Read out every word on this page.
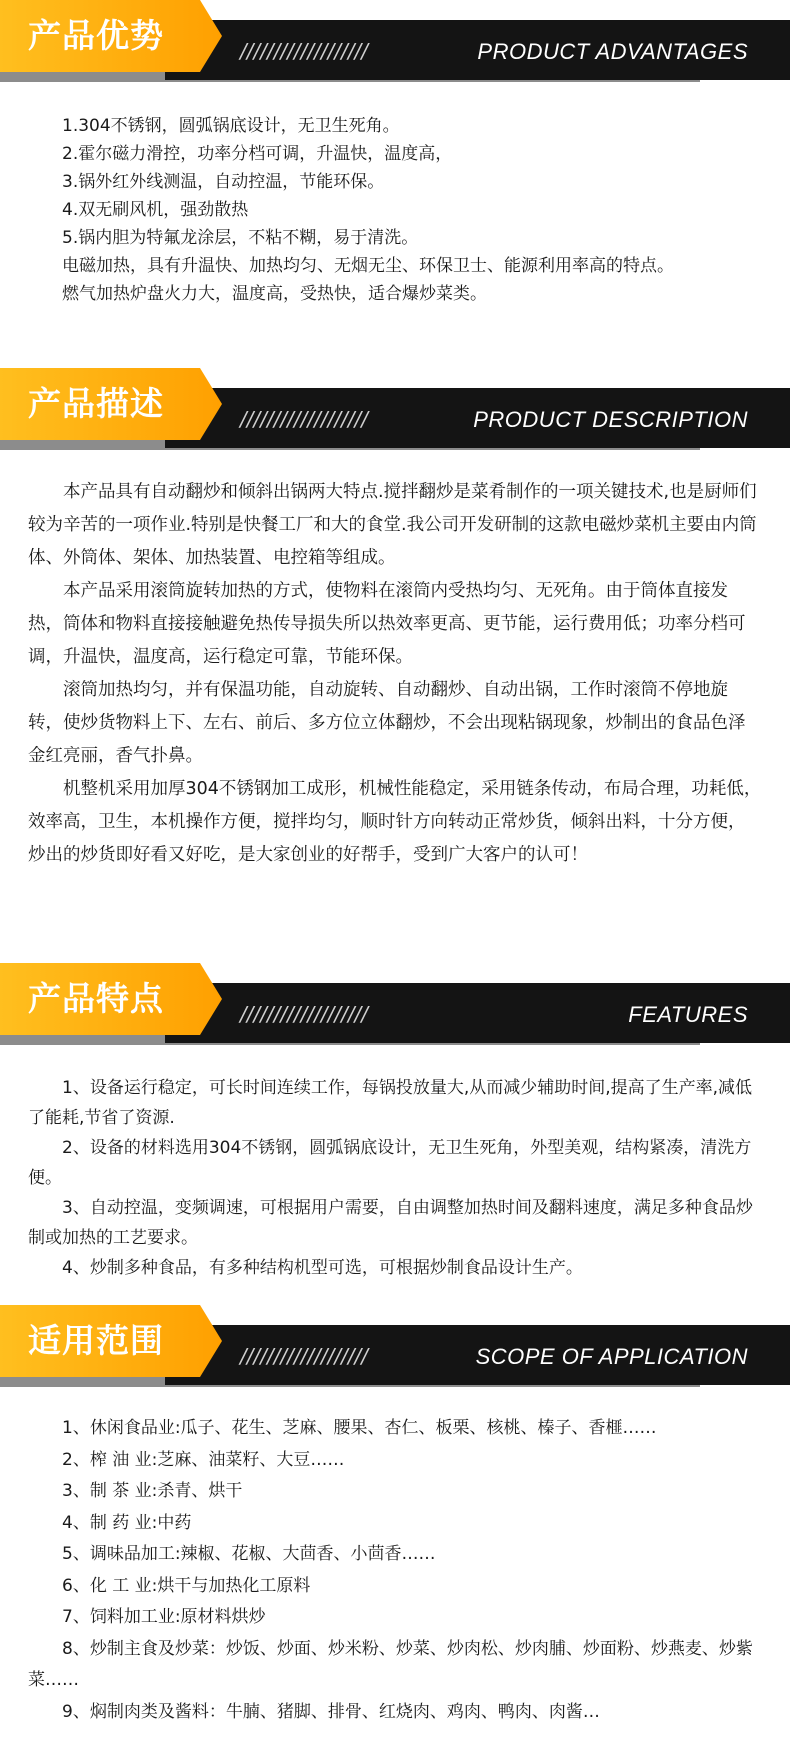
产品优势	///////////////////	PRODUCT ADVANTAGES

1.304不锈钢，圆弧锅底设计，无卫生死角。

2.霍尔磁力滑控，功率分档可调，升温快，温度高，

3.锅外红外线测温，自动控温，节能环保。

4.双无刷风机，强劲散热

5.锅内胆为特氟龙涂层，不粘不糊，易于清洗。

电磁加热，具有升温快、加热均匀、无烟无尘、环保卫士、能源利用率高的特点。

燃气加热炉盘火力大，温度高，受热快，适合爆炒菜类。

产品描述	///////////////////	PRODUCT DESCRIPTION

本产品具有自动翻炒和倾斜出锅两大特点.搅拌翻炒是菜肴制作的一项关键技术,也是厨师们较为辛苦的一项作业.特别是快餐工厂和大的食堂.我公司开发研制的这款电磁炒菜机主要由内筒体、外筒体、架体、加热装置、电控箱等组成。

本产品采用滚筒旋转加热的方式，使物料在滚筒内受热均匀、无死角。由于筒体直接发热，筒体和物料直接接触避免热传导损失所以热效率更高、更节能，运行费用低；功率分档可调，升温快，温度高，运行稳定可靠，节能环保。

滚筒加热均匀，并有保温功能，自动旋转、自动翻炒、自动出锅，工作时滚筒不停地旋转，使炒货物料上下、左右、前后、多方位立体翻炒，不会出现粘锅现象，炒制出的食品色泽金红亮丽，香气扑鼻。

机整机采用加厚304不锈钢加工成形，机械性能稳定，采用链条传动，布局合理，功耗低，效率高，卫生，本机操作方便，搅拌均匀，顺时针方向转动正常炒货，倾斜出料，十分方便，炒出的炒货即好看又好吃，是大家创业的好帮手，受到广大客户的认可！

产品特点	///////////////////	FEATURES

1、设备运行稳定，可长时间连续工作，每锅投放量大,从而减少辅助时间,提高了生产率,减低了能耗,节省了资源.

2、设备的材料选用304不锈钢，圆弧锅底设计，无卫生死角，外型美观，结构紧凑，清洗方便。

3、自动控温，变频调速，可根据用户需要，自由调整加热时间及翻料速度，满足多种食品炒制或加热的工艺要求。

4、炒制多种食品，有多种结构机型可选，可根据炒制食品设计生产。

适用范围	///////////////////	SCOPE OF APPLICATION

1、休闲食品业:瓜子、花生、芝麻、腰果、杏仁、板栗、核桃、榛子、香榧……

2、榨 油 业:芝麻、油菜籽、大豆……

3、制 茶 业:杀青、烘干

4、制 药 业:中药

5、调味品加工:辣椒、花椒、大茴香、小茴香……

6、化 工 业:烘干与加热化工原料

7、饲料加工业:原材料烘炒

8、炒制主食及炒菜：炒饭、炒面、炒米粉、炒菜、炒肉松、炒肉脯、炒面粉、炒燕麦、炒紫菜……

9、焖制肉类及酱料：牛腩、猪脚、排骨、红烧肉、鸡肉、鸭肉、肉酱…
